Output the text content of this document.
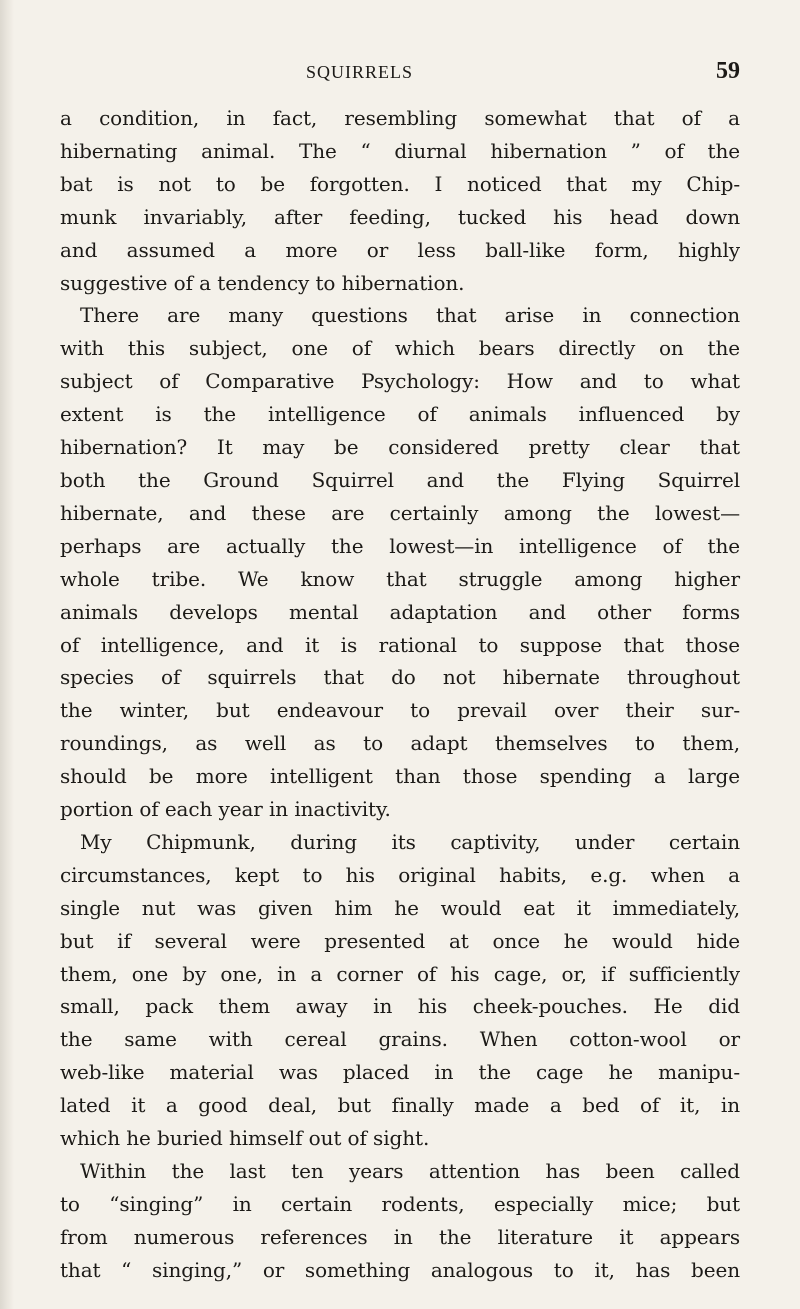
SQUIRRELS	59

a condition, in fact, resembling somewhat that of a
hibernating animal. The “ diurnal hibernation ” of the
bat is not to be forgotten. I noticed that my Chip-
munk invariably, after feeding, tucked his head down
and assumed a more or less ball-like form, highly
suggestive of a tendency to hibernation.

There are many questions that arise in connection
with this subject, one of which bears directly on the
subject of Comparative Psychology: How and to what
extent is the intelligence of animals influenced by
hibernation? It may be considered pretty clear that
both the Ground Squirrel and the Flying Squirrel
hibernate, and these are certainly among the lowest—
perhaps are actually the lowest—in intelligence of the
whole tribe. We know that struggle among higher
animals develops mental adaptation and other forms
of intelligence, and it is rational to suppose that those
species of squirrels that do not hibernate throughout
the winter, but endeavour to prevail over their sur-
roundings, as well as to adapt themselves to them,
should be more intelligent than those spending a large
portion of each year in inactivity.

My Chipmunk, during its captivity, under certain
circumstances, kept to his original habits, e.g. when a
single nut was given him he would eat it immediately,
but if several were presented at once he would hide
them, one by one, in a corner of his cage, or, if sufficiently
small, pack them away in his cheek-pouches. He did
the same with cereal grains. When cotton-wool or
web-like material was placed in the cage he manipu-
lated it a good deal, but finally made a bed of it, in
which he buried himself out of sight.

Within the last ten years attention has been called
to “singing” in certain rodents, especially mice; but
from numerous references in the literature it appears
that “ singing,” or something analogous to it, has been
